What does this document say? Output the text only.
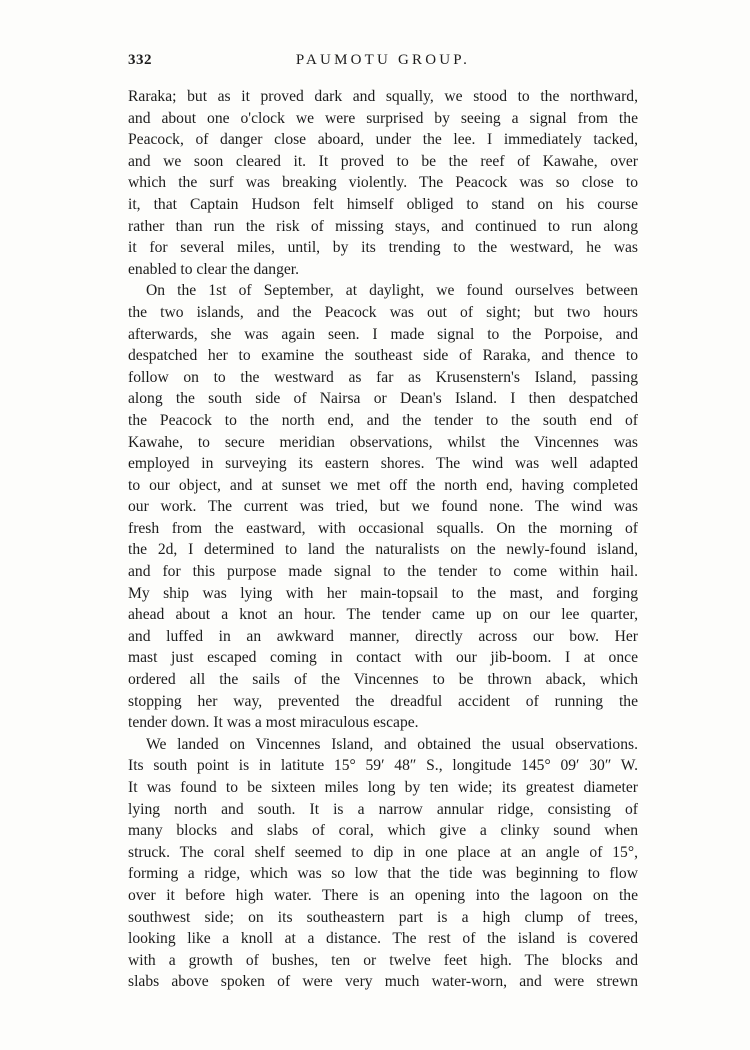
332	PAUMOTU GROUP.

Raraka; but as it proved dark and squally, we stood to the northward,
and about one o'clock we were surprised by seeing a signal from the
Peacock, of danger close aboard, under the lee. I immediately tacked,
and we soon cleared it. It proved to be the reef of Kawahe, over
which the surf was breaking violently. The Peacock was so close to
it, that Captain Hudson felt himself obliged to stand on his course
rather than run the risk of missing stays, and continued to run along
it for several miles, until, by its trending to the westward, he was
enabled to clear the danger.

On the 1st of September, at daylight, we found ourselves between
the two islands, and the Peacock was out of sight; but two hours
afterwards, she was again seen. I made signal to the Porpoise, and
despatched her to examine the southeast side of Raraka, and thence to
follow on to the westward as far as Krusenstern's Island, passing
along the south side of Nairsa or Dean's Island. I then despatched
the Peacock to the north end, and the tender to the south end of
Kawahe, to secure meridian observations, whilst the Vincennes was
employed in surveying its eastern shores. The wind was well adapted
to our object, and at sunset we met off the north end, having completed
our work. The current was tried, but we found none. The wind was
fresh from the eastward, with occasional squalls. On the morning of
the 2d, I determined to land the naturalists on the newly-found island,
and for this purpose made signal to the tender to come within hail.
My ship was lying with her main-topsail to the mast, and forging
ahead about a knot an hour. The tender came up on our lee quarter,
and luffed in an awkward manner, directly across our bow. Her
mast just escaped coming in contact with our jib-boom. I at once
ordered all the sails of the Vincennes to be thrown aback, which
stopping her way, prevented the dreadful accident of running the
tender down. It was a most miraculous escape.

We landed on Vincennes Island, and obtained the usual observations.
Its south point is in latitute 15° 59′ 48″ S., longitude 145° 09′ 30″ W.
It was found to be sixteen miles long by ten wide; its greatest diameter
lying north and south. It is a narrow annular ridge, consisting of
many blocks and slabs of coral, which give a clinky sound when
struck. The coral shelf seemed to dip in one place at an angle of 15°,
forming a ridge, which was so low that the tide was beginning to flow
over it before high water. There is an opening into the lagoon on the
southwest side; on its southeastern part is a high clump of trees,
looking like a knoll at a distance. The rest of the island is covered
with a growth of bushes, ten or twelve feet high. The blocks and
slabs above spoken of were very much water-worn, and were strewn
